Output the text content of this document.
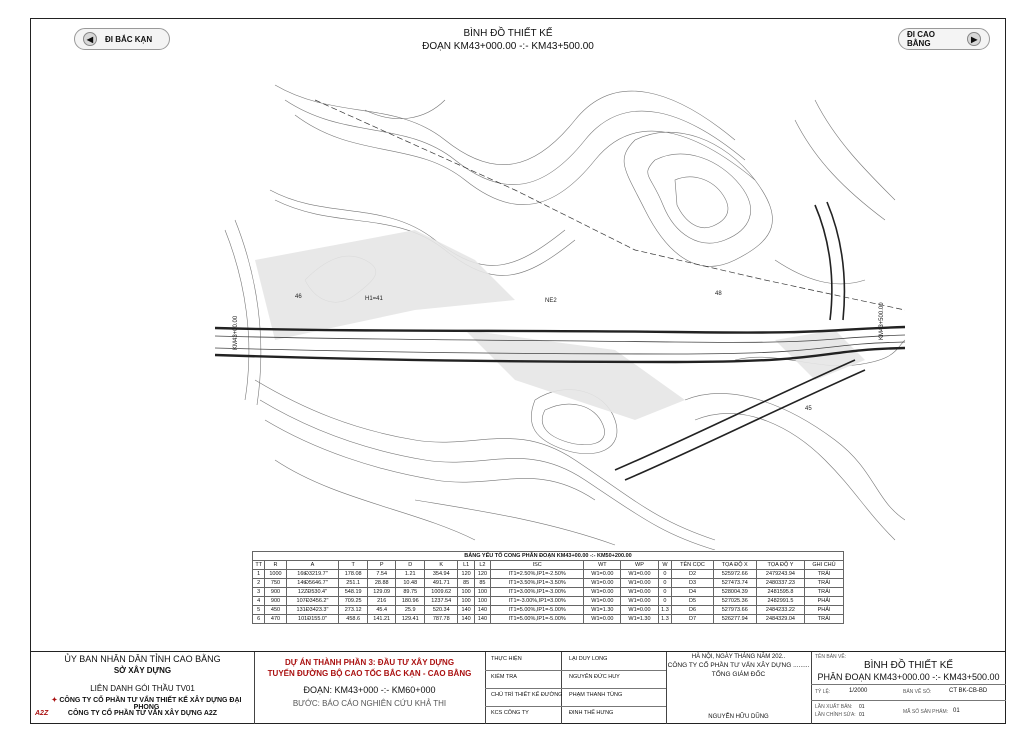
BÌNH ĐỒ THIẾT KẾ
ĐOẠN KM43+000.00 -:- KM43+500.00
◀	ĐI BẮC KẠN	ĐI CAO BẰNG	▶
H1=41	NE2
46	48
45
KM43+00.00	KM43+500.00
BẢNG YẾU TỐ CONG PHÂN ĐOẠN KM43+00.00 -:- KM50+200.00																
TT	R	A	T	P	D	K	L1	L2	ISC	WT	WP	W	TÊN CỌC	TỌA ĐỘ X	TỌA ĐỘ Y	GHI CHÚ
1	1000	16tĐ3219.7"	178.08	7.54	1.21	354.94	120	120	IT1=2.50%,IP1=-2.50%	W1=0.00	W1=0.00	0	D2	525972.66	2479243.94	TRÁI
2	750	14tĐ5646.7"	251.1	28.88	10.48	491.71	85	85	IT1=3.50%,IP1=-3.50%	W1=0.00	W1=0.00	0	D3	527473.74	2480337.23	TRÁI
3	900	12ZĐ530.4"	548.19	129.09	89.75	1009.62	100	100	IT1=3.00%,IP1=-3.00%	W1=0.00	W1=0.00	0	D4	528004.39	2481595.8	TRÁI
4	900	107Đ3456.2"	709.25	216	180.96	1237.54	100	100	IT1=-3.00%,IP1=3.00%	W1=0.00	W1=0.00	0	D5	527025.36	2482991.5	PHẢI
5	450	131Đ3423.3"	273.12	45.4	25.9	520.34	140	140	IT1=5.00%,IP1=-5.00%	W1=1.30	W1=0.00	1.3	D6	527973.66	2484233.22	PHẢI
6	470	101Đ155.0"	458.6	141.21	129.41	787.78	140	140	IT1=5.00%,IP1=-5.00%	W1=0.00	W1=1.30	1.3	D7	526277.94	2484329.04	TRÁI
ỦY BAN NHÂN DÂN TỈNH CAO BẰNG
SỞ XÂY DỰNG
LIÊN DANH GÓI THẦU TV01
✦ CÔNG TY CỔ PHẦN TƯ VẤN THIẾT KẾ XÂY DỰNG ĐẠI PHONG
A2Z	CÔNG TY CỔ PHẦN TƯ VẤN XÂY DỰNG A2Z
DỰ ÁN THÀNH PHẦN 3: ĐẦU TƯ XÂY DỰNG
TUYẾN ĐƯỜNG BỘ CAO TỐC BẮC KẠN - CAO BẰNG
ĐOẠN: KM43+000 -:- KM60+000
BƯỚC: BÁO CÁO NGHIÊN CỨU KHẢ THI
THỰC HIỆN	LẠI DUY LONG
KIỂM TRA	NGUYỄN ĐỨC HUY
CHỦ TRÌ THIẾT KẾ ĐƯỜNG PHẠM THANH TÙNG
KCS CÔNG TY	ĐINH THẾ HƯNG
HÀ NỘI, NGÀY THÁNG NĂM 202..
CÔNG TY CỔ PHẦN TƯ VẤN XÂY DỰNG .........
TỔNG GIÁM ĐỐC
NGUYỄN HỮU DŨNG
TÊN BẢN VẼ:
BÌNH ĐỒ THIẾT KẾ
PHÂN ĐOẠN KM43+000.00 -:- KM43+500.00
TỶ LỆ:	1/2000	BẢN VẼ SỐ:	CT BK-CB-BD
LẦN XUẤT BẢN: 01
LẦN CHỈNH SỬA: 01	MÃ SỐ SẢN PHẨM: 01
